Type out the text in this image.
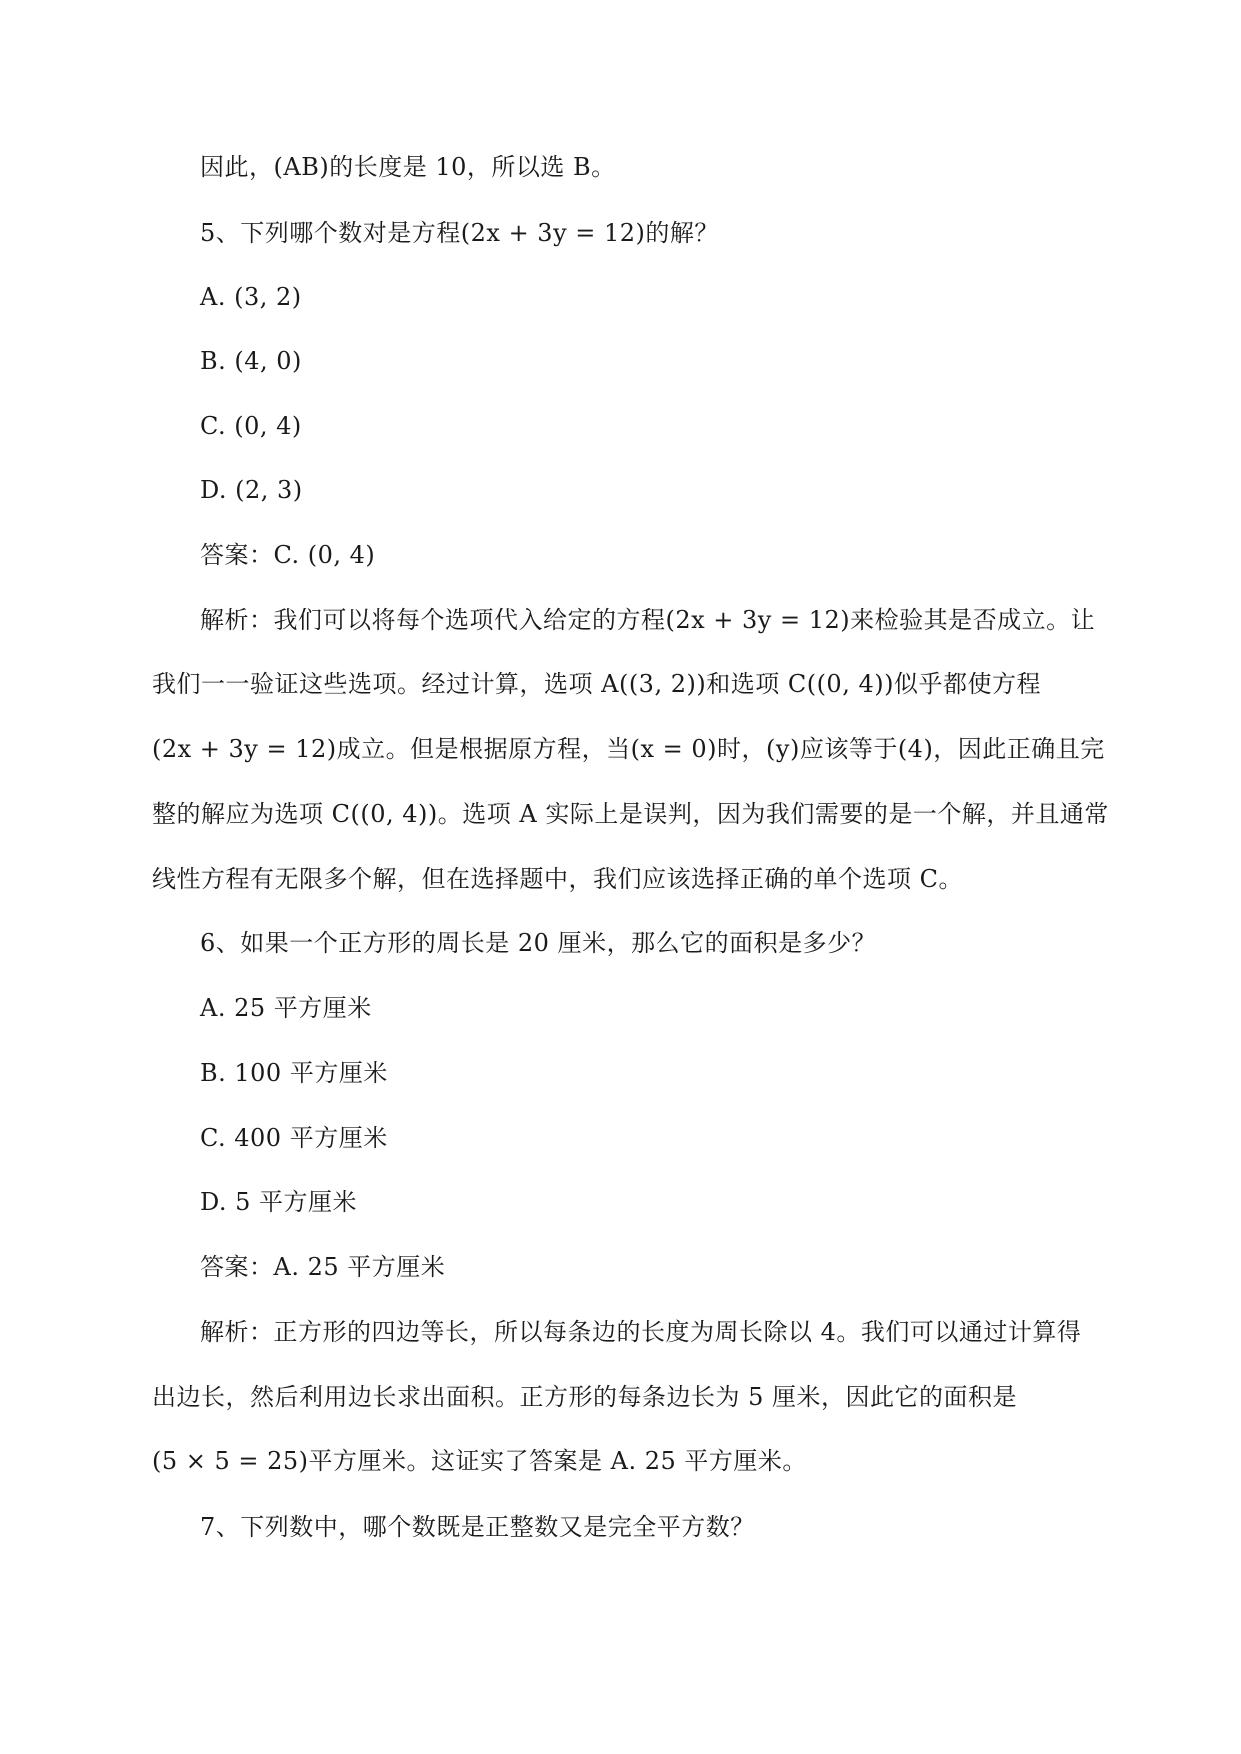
因此，(AB)的长度是 10，所以选 B。
5、下列哪个数对是方程(2x + 3y = 12)的解？
A. (3, 2)
B. (4, 0)
C. (0, 4)
D. (2, 3)
答案：C. (0, 4)
解析：我们可以将每个选项代入给定的方程(2x + 3y = 12)来检验其是否成立。让
我们一一验证这些选项。经过计算，选项 A((3, 2))和选项 C((0, 4))似乎都使方程
(2x + 3y = 12)成立。但是根据原方程，当(x = 0)时，(y)应该等于(4)，因此正确且完
整的解应为选项 C((0, 4))。选项 A 实际上是误判，因为我们需要的是一个解，并且通常
线性方程有无限多个解，但在选择题中，我们应该选择正确的单个选项 C。
6、如果一个正方形的周长是 20 厘米，那么它的面积是多少？
A. 25 平方厘米
B. 100 平方厘米
C. 400 平方厘米
D. 5 平方厘米
答案：A. 25 平方厘米
解析：正方形的四边等长，所以每条边的长度为周长除以 4。我们可以通过计算得
出边长，然后利用边长求出面积。正方形的每条边长为 5 厘米，因此它的面积是
(5 × 5 = 25)平方厘米。这证实了答案是 A. 25 平方厘米。
7、下列数中，哪个数既是正整数又是完全平方数？
